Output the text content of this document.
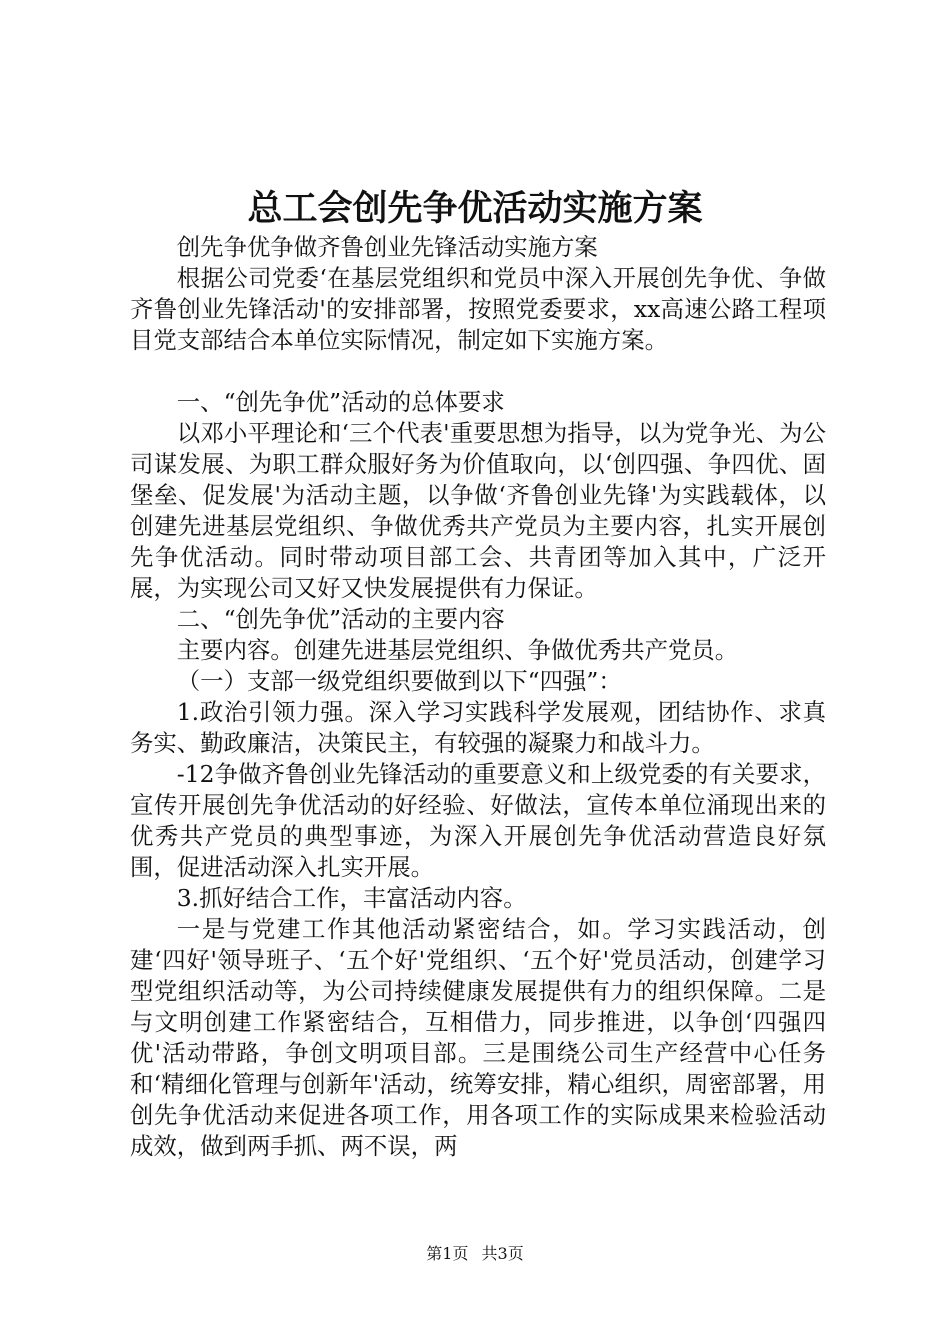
总工会创先争优活动实施方案

创先争优争做齐鲁创业先锋活动实施方案

根据公司党委‘在基层党组织和党员中深入开展创先争优、争做齐鲁创业先锋活动'的安排部署，按照党委要求，xx高速公路工程项目党支部结合本单位实际情况，制定如下实施方案。

一、“创先争优”活动的总体要求

以邓小平理论和‘三个代表'重要思想为指导，以为党争光、为公司谋发展、为职工群众服好务为价值取向，以‘创四强、争四优、固堡垒、促发展'为活动主题，以争做‘齐鲁创业先锋'为实践载体，以创建先进基层党组织、争做优秀共产党员为主要内容，扎实开展创先争优活动。同时带动项目部工会、共青团等加入其中，广泛开展，为实现公司又好又快发展提供有力保证。

二、“创先争优”活动的主要内容

主要内容。创建先进基层党组织、争做优秀共产党员。

（一）支部一级党组织要做到以下“四强”：

1.政治引领力强。深入学习实践科学发展观，团结协作、求真务实、勤政廉洁，决策民主，有较强的凝聚力和战斗力。

-12争做齐鲁创业先锋活动的重要意义和上级党委的有关要求，宣传开展创先争优活动的好经验、好做法，宣传本单位涌现出来的优秀共产党员的典型事迹，为深入开展创先争优活动营造良好氛围，促进活动深入扎实开展。

3.抓好结合工作，丰富活动内容。

一是与党建工作其他活动紧密结合，如。学习实践活动，创建‘四好'领导班子、‘五个好'党组织、‘五个好'党员活动，创建学习型党组织活动等，为公司持续健康发展提供有力的组织保障。二是与文明创建工作紧密结合，互相借力，同步推进，以争创‘四强四优'活动带路，争创文明项目部。三是围绕公司生产经营中心任务和‘精细化管理与创新年'活动，统筹安排，精心组织，周密部署，用创先争优活动来促进各项工作，用各项工作的实际成果来检验活动成效，做到两手抓、两不误，两

第1页 共3页
